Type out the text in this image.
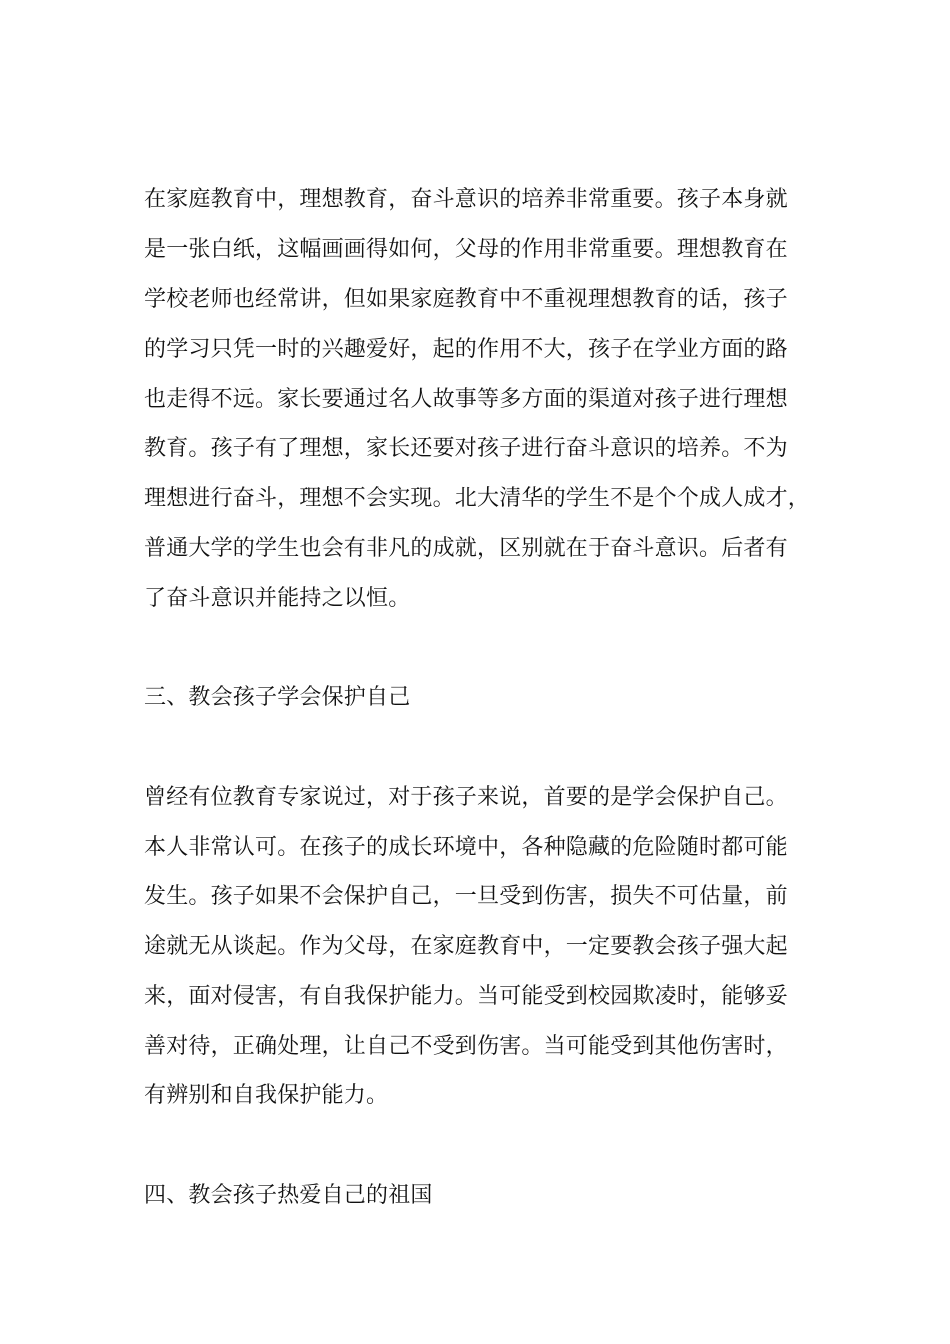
在家庭教育中，理想教育，奋斗意识的培养非常重要。孩子本身就
是一张白纸，这幅画画得如何，父母的作用非常重要。理想教育在
学校老师也经常讲，但如果家庭教育中不重视理想教育的话，孩子
的学习只凭一时的兴趣爱好，起的作用不大，孩子在学业方面的路
也走得不远。家长要通过名人故事等多方面的渠道对孩子进行理想
教育。孩子有了理想，家长还要对孩子进行奋斗意识的培养。不为
理想进行奋斗，理想不会实现。北大清华的学生不是个个成人成才，
普通大学的学生也会有非凡的成就，区别就在于奋斗意识。后者有
了奋斗意识并能持之以恒。
三、教会孩子学会保护自己
曾经有位教育专家说过，对于孩子来说，首要的是学会保护自己。
本人非常认可。在孩子的成长环境中，各种隐藏的危险随时都可能
发生。孩子如果不会保护自己，一旦受到伤害，损失不可估量，前
途就无从谈起。作为父母，在家庭教育中，一定要教会孩子强大起
来，面对侵害，有自我保护能力。当可能受到校园欺凌时，能够妥
善对待，正确处理，让自己不受到伤害。当可能受到其他伤害时，
有辨别和自我保护能力。
四、教会孩子热爱自己的祖国
